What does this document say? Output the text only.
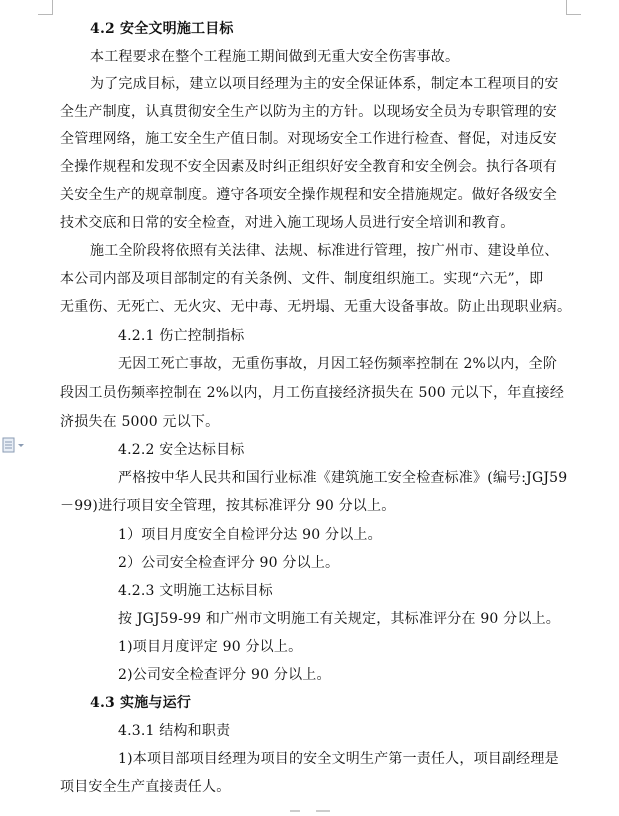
4.2 安全文明施工目标
本工程要求在整个工程施工期间做到无重大安全伤害事故。
为了完成目标，建立以项目经理为主的安全保证体系，制定本工程项目的安
全生产制度，认真贯彻安全生产以防为主的方针。以现场安全员为专职管理的安
全管理网络，施工安全生产值日制。对现场安全工作进行检查、督促，对违反安
全操作规程和发现不安全因素及时纠正组织好安全教育和安全例会。执行各项有
关安全生产的规章制度。遵守各项安全操作规程和安全措施规定。做好各级安全
技术交底和日常的安全检查，对进入施工现场人员进行安全培训和教育。
施工全阶段将依照有关法律、法规、标准进行管理，按广州市、建设单位、
本公司内部及项目部制定的有关条例、文件、制度组织施工。实现“六无”，即
无重伤、无死亡、无火灾、无中毒、无坍塌、无重大设备事故。防止出现职业病。
4.2.1 伤亡控制指标
无因工死亡事故，无重伤事故，月因工轻伤频率控制在 2%以内，全阶
段因工员伤频率控制在 2%以内，月工伤直接经济损失在 500 元以下，年直接经
济损失在 5000 元以下。
4.2.2 安全达标目标
严格按中华人民共和国行业标准《建筑施工安全检查标准》(编号:JGJ59
－99)进行项目安全管理，按其标准评分 90 分以上。
1）项目月度安全自检评分达 90 分以上。
2）公司安全检查评分 90 分以上。
4.2.3 文明施工达标目标
按 JGJ59-99 和广州市文明施工有关规定，其标准评分在 90 分以上。
1)项目月度评定 90 分以上。
2)公司安全检查评分 90 分以上。
4.3 实施与运行
4.3.1 结构和职责
1)本项目部项目经理为项目的安全文明生产第一责任人，项目副经理是
项目安全生产直接责任人。
